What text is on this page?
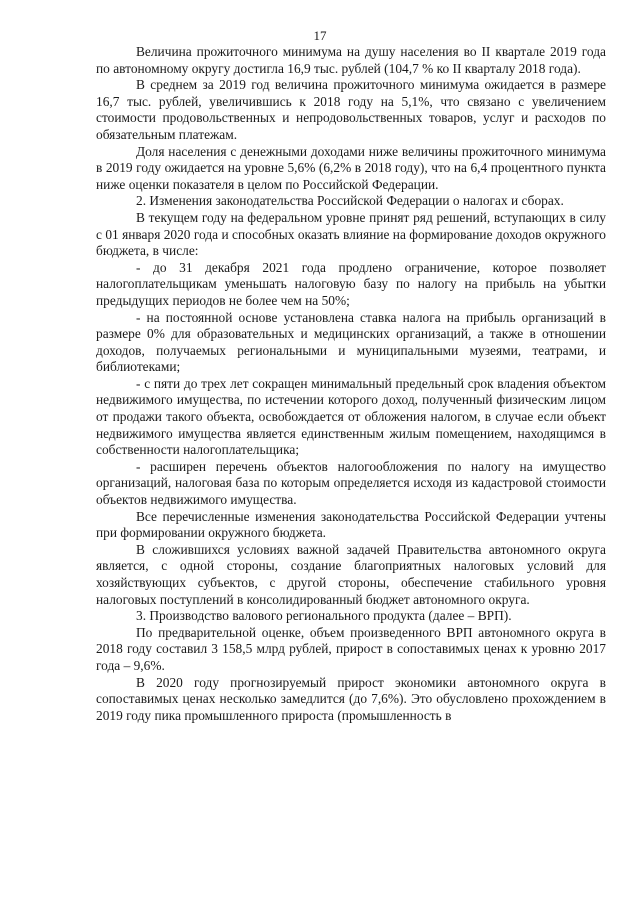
17

Величина прожиточного минимума на душу населения во II квартале 2019 года по автономному округу достигла 16,9 тыс. рублей (104,7 % ко II кварталу 2018 года).

В среднем за 2019 год величина прожиточного минимума ожидается в размере 16,7 тыс. рублей, увеличившись к 2018 году на 5,1%, что связано с увеличением стоимости продовольственных и непродовольственных товаров, услуг и расходов по обязательным платежам.

Доля населения с денежными доходами ниже величины прожиточного минимума в 2019 году ожидается на уровне 5,6% (6,2% в 2018 году), что на 6,4 процентного пункта ниже оценки показателя в целом по Российской Федерации.

2. Изменения законодательства Российской Федерации о налогах и сборах.

В текущем году на федеральном уровне принят ряд решений, вступающих в силу с 01 января 2020 года и способных оказать влияние на формирование доходов окружного бюджета, в числе:

- до 31 декабря 2021 года продлено ограничение, которое позволяет налогоплательщикам уменьшать налоговую базу по налогу на прибыль на убытки предыдущих периодов не более чем на 50%;

- на постоянной основе установлена ставка налога на прибыль организаций в размере 0% для образовательных и медицинских организаций, а также в отношении доходов, получаемых региональными и муниципальными музеями, театрами, и библиотеками;

- с пяти до трех лет сокращен минимальный предельный срок владения объектом недвижимого имущества, по истечении которого доход, полученный физическим лицом от продажи такого объекта, освобождается от обложения налогом, в случае если объект недвижимого имущества является единственным жилым помещением, находящимся в собственности налогоплательщика;

- расширен перечень объектов налогообложения по налогу на имущество организаций, налоговая база по которым определяется исходя из кадастровой стоимости объектов недвижимого имущества.

Все перечисленные изменения законодательства Российской Федерации учтены при формировании окружного бюджета.

В сложившихся условиях важной задачей Правительства автономного округа является, с одной стороны, создание благоприятных налоговых условий для хозяйствующих субъектов, с другой стороны, обеспечение стабильного уровня налоговых поступлений в консолидированный бюджет автономного округа.

3. Производство валового регионального продукта (далее – ВРП).

По предварительной оценке, объем произведенного ВРП автономного округа в 2018 году составил 3 158,5 млрд рублей, прирост в сопоставимых ценах к уровню 2017 года – 9,6%.

В 2020 году прогнозируемый прирост экономики автономного округа в сопоставимых ценах несколько замедлится (до 7,6%). Это обусловлено прохождением в 2019 году пика промышленного прироста (промышленность в
